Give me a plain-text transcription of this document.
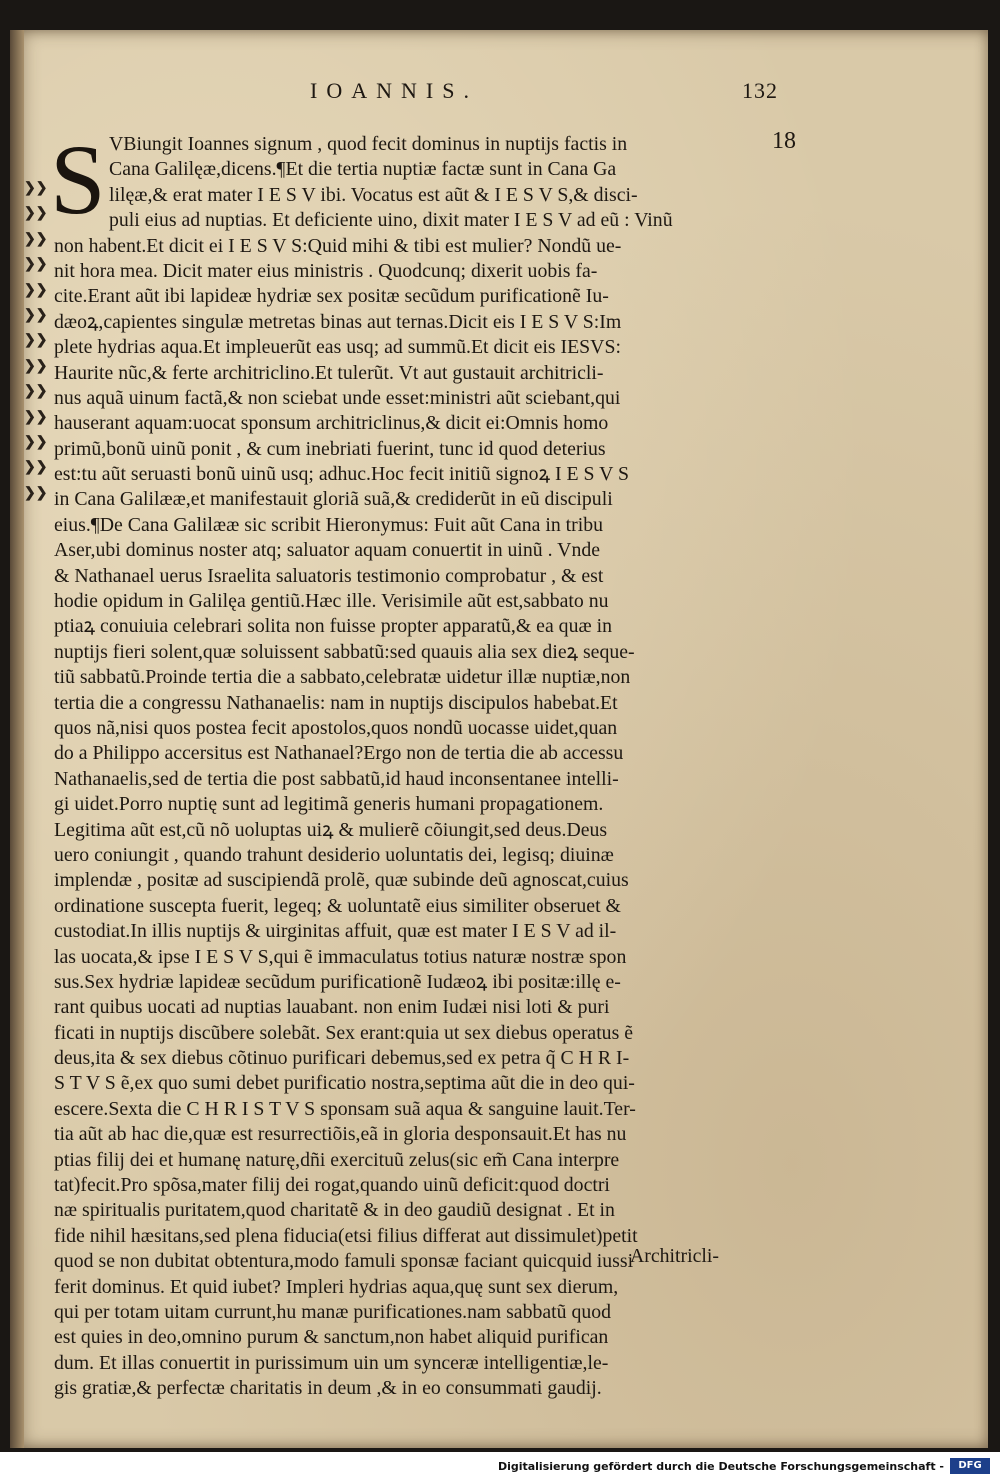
IOANNIS.	132
18
❯❯
❯❯
❯❯
❯❯
❯❯
❯❯
❯❯
❯❯
❯❯
❯❯
❯❯
❯❯
❯❯
S VBiungit Ioannes signum , quod fecit dominus in nuptijs factis in
Cana Galilęæ,dicens.¶Et die tertia nuptiæ factæ sunt in Cana Ga
lilęæ,& erat mater I E S V ibi. Vocatus est aũt & I E S V S,& disci-
puli eius ad nuptias. Et deficiente uino, dixit mater I E S V ad eũ : Vinũ
non habent.Et dicit ei I E S V S:Quid mihi & tibi est mulier? Nondũ ue-
nit hora mea. Dicit mater eius ministris . Quodcunq; dixerit uobis fa-
cite.Erant aũt ibi lapideæ hydriæ sex positæ secũdum purificationẽ Iu-
dæoꝝ,capientes singulæ metretas binas aut ternas.Dicit eis I E S V S:Im
plete hydrias aqua.Et impleuerũt eas usq; ad summũ.Et dicit eis IESVS:
Haurite nũc,& ferte architriclino.Et tulerũt. Vt aut gustauit architricli-
nus aquã uinum factã,& non sciebat unde esset:ministri aũt sciebant,qui
hauserant aquam:uocat sponsum architriclinus,& dicit ei:Omnis homo
primũ,bonũ uinũ ponit , & cum inebriati fuerint, tunc id quod deterius
est:tu aũt seruasti bonũ uinũ usq; adhuc.Hoc fecit initiũ signoꝝ I E S V S
in Cana Galilææ,et manifestauit gloriã suã,& crediderũt in eũ discipuli
eius.¶De Cana Galilææ sic scribit Hieronymus: Fuit aũt Cana in tribu
Aser,ubi dominus noster atq; saluator aquam conuertit in uinũ . Vnde
& Nathanael uerus Israelita saluatoris testimonio comprobatur , & est
hodie opidum in Galilęa gentiũ.Hæc ille. Verisimile aũt est,sabbato nu
ptiaꝝ conuiuia celebrari solita non fuisse propter apparatũ,& ea quæ in
nuptijs fieri solent,quæ soluissent sabbatũ:sed quauis alia sex dieꝝ seque-
tiũ sabbatũ.Proinde tertia die a sabbato,celebratæ uidetur illæ nuptiæ,non
tertia die a congressu Nathanaelis: nam in nuptijs discipulos habebat.Et
quos nã,nisi quos postea fecit apostolos,quos nondũ uocasse uidet,quan
do a Philippo accersitus est Nathanael?Ergo non de tertia die ab accessu
Nathanaelis,sed de tertia die post sabbatũ,id haud inconsentanee intelli-
gi uidet.Porro nuptię sunt ad legitimã generis humani propagationem.
Legitima aũt est,cũ nõ uoluptas uiꝝ & mulierẽ cõiungit,sed deus.Deus
uero coniungit , quando trahunt desiderio uoluntatis dei, legisq; diuinæ
implendæ , positæ ad suscipiendã prolẽ, quæ subinde deũ agnoscat,cuius
ordinatione suscepta fuerit, legeq; & uoluntatẽ eius similiter obseruet &
custodiat.In illis nuptijs & uirginitas affuit, quæ est mater I E S V ad il-
las uocata,& ipse I E S V S,qui ẽ immaculatus totius naturæ nostræ spon
sus.Sex hydriæ lapideæ secũdum purificationẽ Iudæoꝝ ibi positæ:illę e-
rant quibus uocati ad nuptias lauabant. non enim Iudæi nisi loti & puri
ficati in nuptijs discũbere solebãt. Sex erant:quia ut sex diebus operatus ẽ
deus,ita & sex diebus cõtinuo purificari debemus,sed ex petra q̃ C H R I-
S T V S ẽ,ex quo sumi debet purificatio nostra,septima aũt die in deo qui-
escere.Sexta die C H R I S T V S sponsam suã aqua & sanguine lauit.Ter-
tia aũt ab hac die,quæ est resurrectiõis,eã in gloria desponsauit.Et has nu
ptias filij dei et humanę naturę,dñi exercituũ zelus(sic em̃ Cana interpre
tat)fecit.Pro spõsa,mater filij dei rogat,quando uinũ deficit:quod doctri
næ spiritualis puritatem,quod charitatẽ & in deo gaudiũ designat . Et in
fide nihil hæsitans,sed plena fiducia(etsi filius differat aut dissimulet)petit
quod se non dubitat obtentura,modo famuli sponsæ faciant quicquid iussi
ferit dominus. Et quid iubet? Impleri hydrias aqua,quę sunt sex dierum,
qui per totam uitam currunt,hu manæ purificationes.nam sabbatũ quod
est quies in deo,omnino purum & sanctum,non habet aliquid purifican
dum. Et illas conuertit in purissimum uin um synceræ intelligentiæ,le-
gis gratiæ,& perfectæ charitatis in deum ,& in eo consummati gaudij.
Architricli-
Digitalisierung gefördert durch die Deutsche Forschungsgemeinschaft -	DFG
